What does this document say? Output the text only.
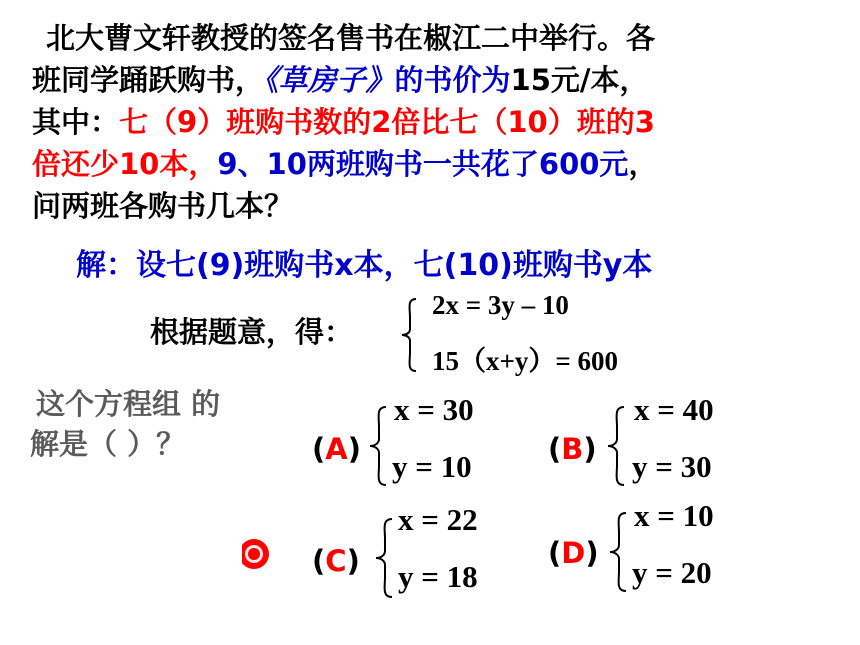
北大曹文轩教授的签名售书在椒江二中举行。各
班同学踊跃购书，《草房子》的书价为15元/本，
其中：七（9）班购书数的2倍比七（10）班的3
倍还少10本，9、10两班购书一共花了600元，
问两班各购书几本？
解：设七(9)班购书x本，七(10)班购书y本
根据题意，得：
2x = 3y – 10
15（x+y）= 600
这个方程组 的
解是（ ）？	(A)
x = 30
y = 10	(B)
x = 40
y = 30
(C)
x = 22
y = 18
(D)
x = 10
y = 20
